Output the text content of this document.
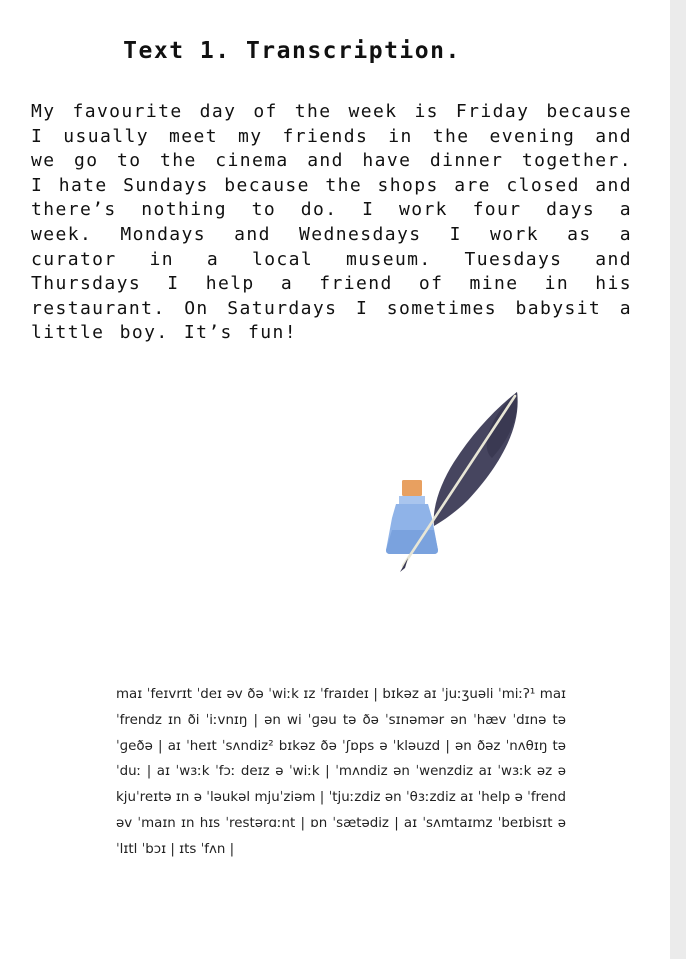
Text 1. Transcription.

My favourite day of the week is Friday because I usually meet my friends in the evening and we go to the cinema and have dinner together. I hate Sundays because the shops are closed and there’s nothing to do. I work four days a week. Mondays and Wednesdays I work as a curator in a local museum. Tuesdays and Thursdays I help a friend of mine in his restaurant. On Saturdays I sometimes babysit a little boy. It’s fun!

maɪ ˈfeɪvrɪt ˈdeɪ əv ðə ˈwiːk ɪz ˈfraɪdeɪ | bɪkəz aɪ ˈjuːʒuəli ˈmiːʔ¹ maɪ ˈfrendz ɪn ði ˈiːvnɪŋ | ən wi ˈɡəu tə ðə ˈsɪnəmər ən ˈhæv ˈdɪnə təˈɡeðə | aɪ ˈheɪt ˈsʌndiz² bɪkəz ðə ˈʃɒps ə ˈkləuzd | ən ðəz ˈnʌθɪŋ tə ˈduː | aɪ ˈwɜːk ˈfɔː deɪz ə ˈwiːk | ˈmʌndiz ən ˈwenzdiz aɪ ˈwɜːk əz ə kjuˈreɪtə ɪn ə ˈləukəl mjuˈziəm | ˈtjuːzdiz ən ˈθɜːzdiz aɪ ˈhelp ə ˈfrend əv ˈmaɪn ɪn hɪs ˈrestərɑːnt | ɒn ˈsætədiz | aɪ ˈsʌmtaɪmz ˈbeɪbisɪt ə ˈlɪtl ˈbɔɪ | ɪts ˈfʌn |
